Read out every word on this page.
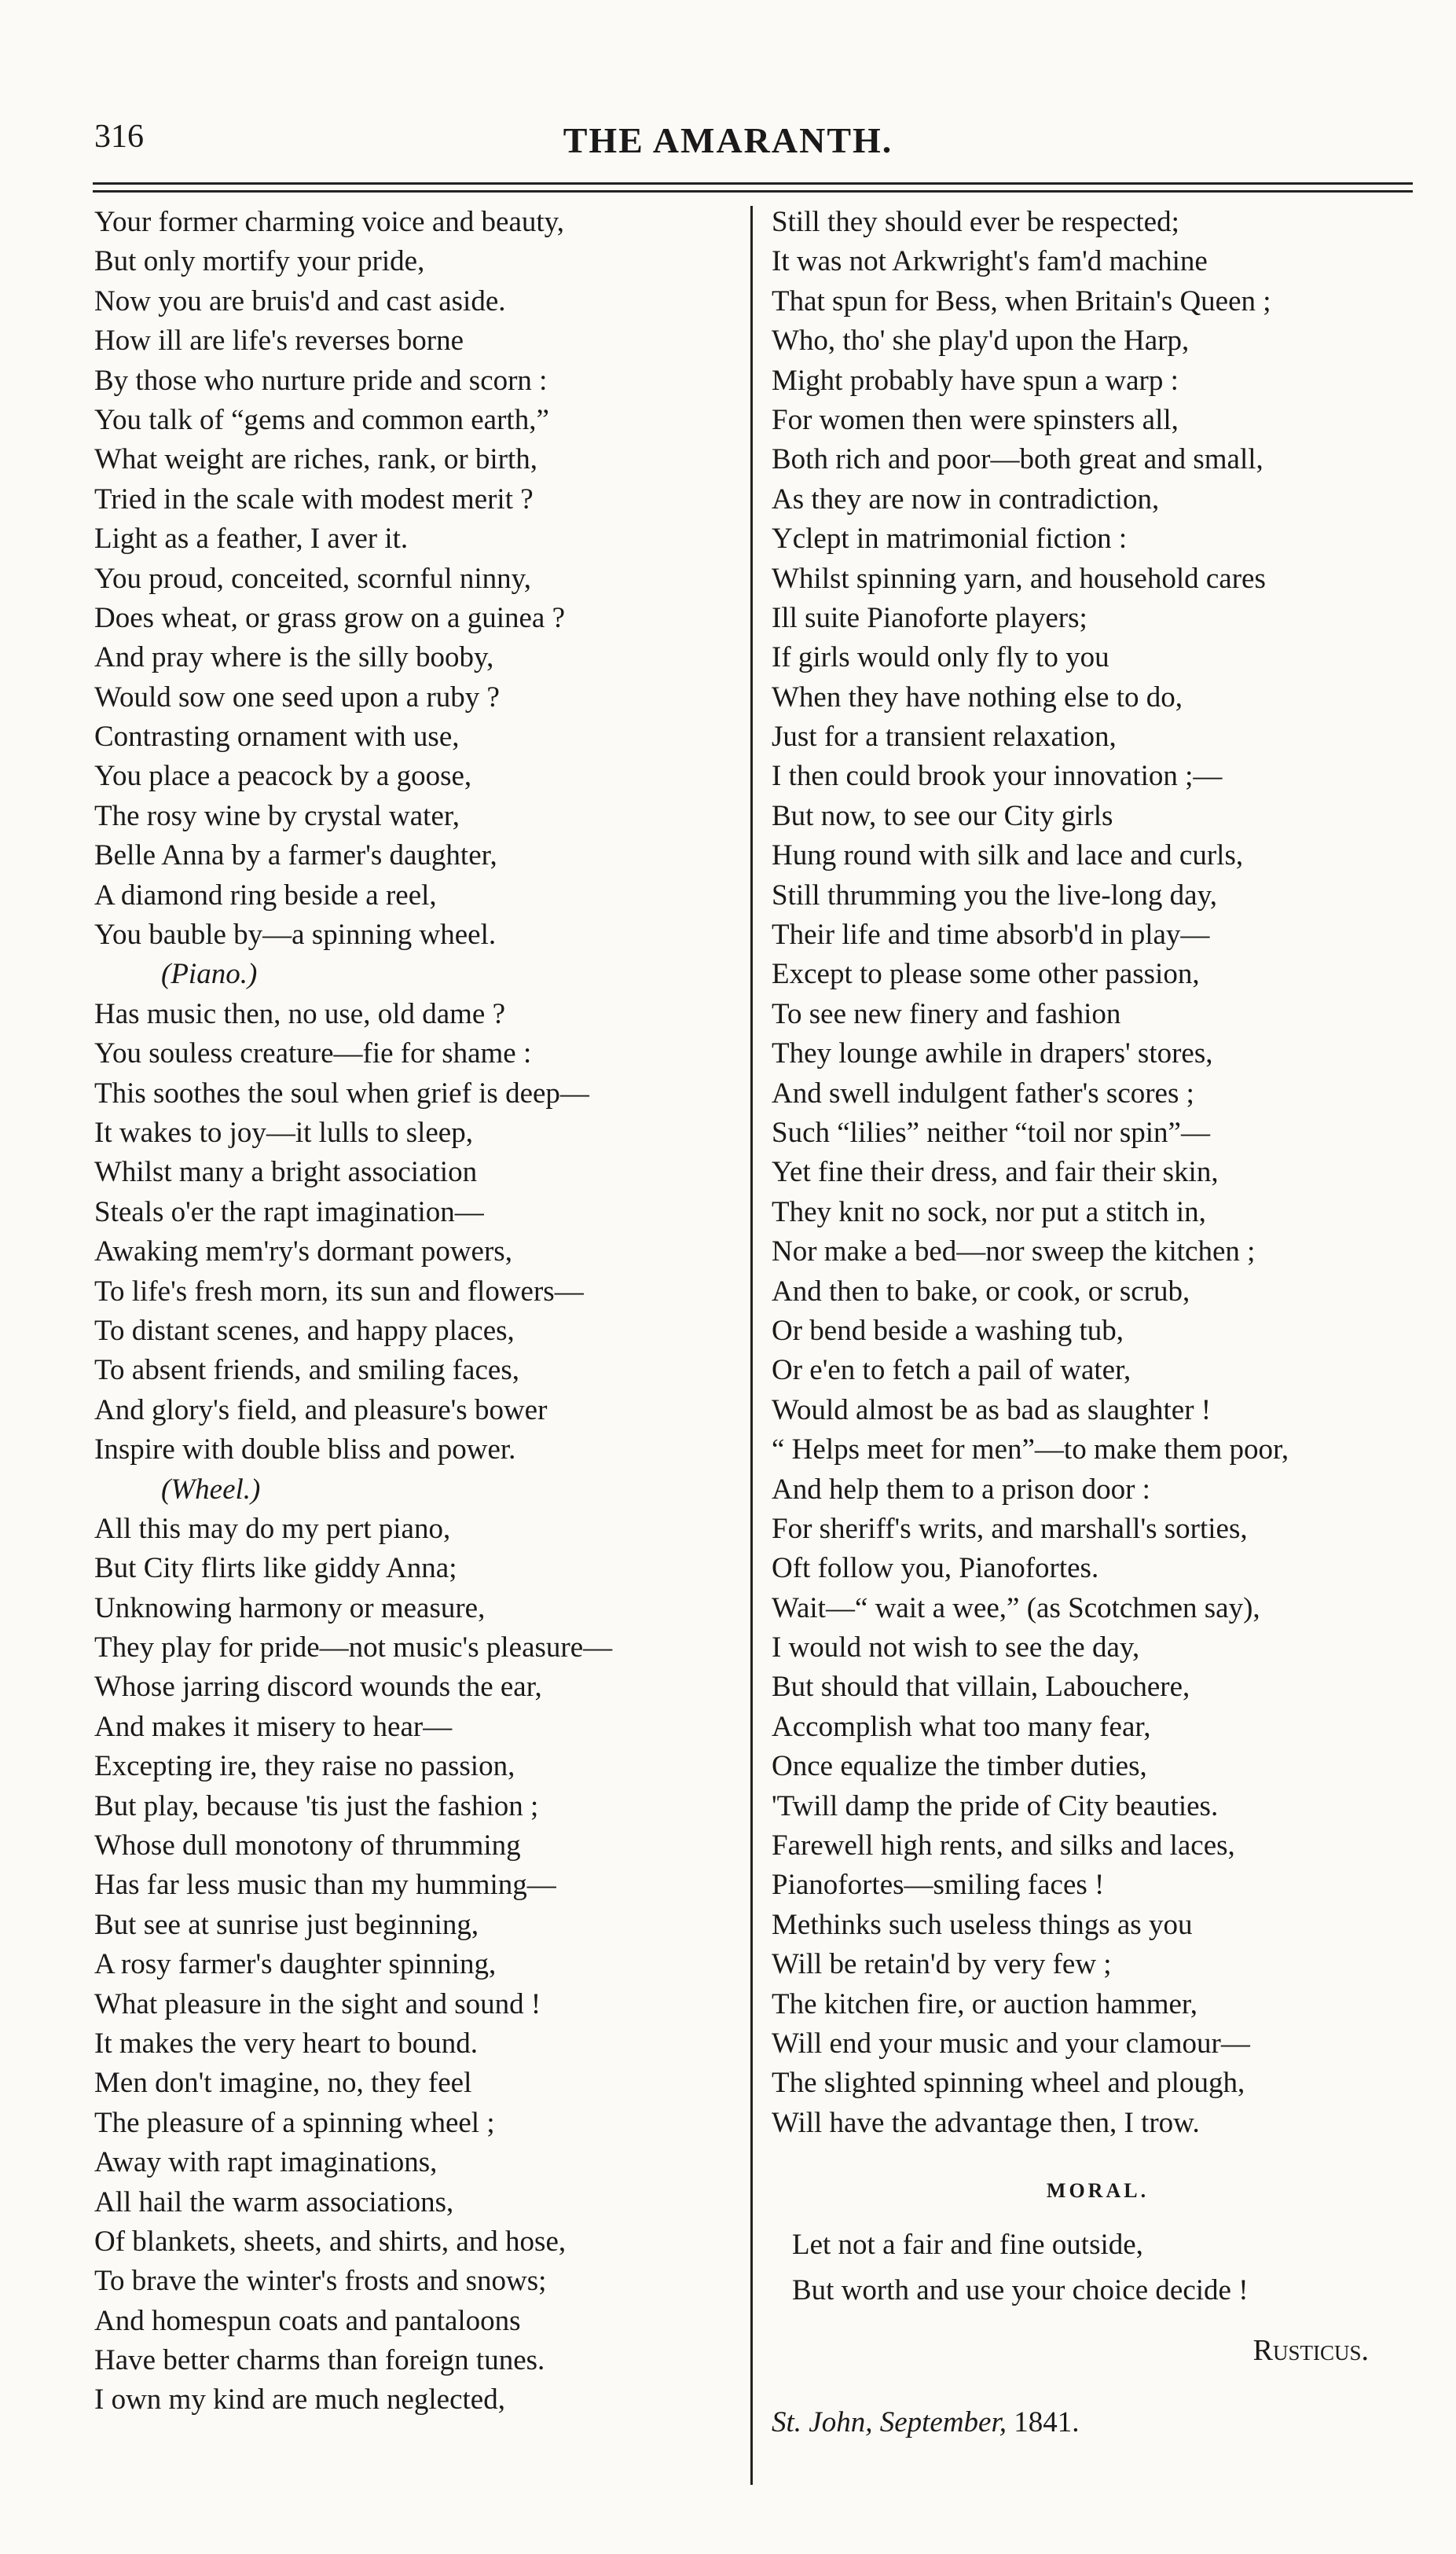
316	THE AMARANTH.
Your former charming voice and beauty,
But only mortify your pride,
Now you are bruis'd and cast aside.
How ill are life's reverses borne
By those who nurture pride and scorn :
You talk of “gems and common earth,”
What weight are riches, rank, or birth,
Tried in the scale with modest merit ?
Light as a feather, I aver it.
You proud, conceited, scornful ninny,
Does wheat, or grass grow on a guinea ?
And pray where is the silly booby,
Would sow one seed upon a ruby ?
Contrasting ornament with use,
You place a peacock by a goose,
The rosy wine by crystal water,
Belle Anna by a farmer's daughter,
A diamond ring beside a reel,
You bauble by—a spinning wheel.
(Piano.)
Has music then, no use, old dame ?
You souless creature—fie for shame :
This soothes the soul when grief is deep—
It wakes to joy—it lulls to sleep,
Whilst many a bright association
Steals o'er the rapt imagination—
Awaking mem'ry's dormant powers,
To life's fresh morn, its sun and flowers—
To distant scenes, and happy places,
To absent friends, and smiling faces,
And glory's field, and pleasure's bower
Inspire with double bliss and power.
(Wheel.)
All this may do my pert piano,
But City flirts like giddy Anna;
Unknowing harmony or measure,
They play for pride—not music's pleasure—
Whose jarring discord wounds the ear,
And makes it misery to hear—
Excepting ire, they raise no passion,
But play, because 'tis just the fashion ;
Whose dull monotony of thrumming
Has far less music than my humming—
But see at sunrise just beginning,
A rosy farmer's daughter spinning,
What pleasure in the sight and sound !
It makes the very heart to bound.
Men don't imagine, no, they feel
The pleasure of a spinning wheel ;
Away with rapt imaginations,
All hail the warm associations,
Of blankets, sheets, and shirts, and hose,
To brave the winter's frosts and snows;
And homespun coats and pantaloons
Have better charms than foreign tunes.
I own my kind are much neglected,
Still they should ever be respected;
It was not Arkwright's fam'd machine
That spun for Bess, when Britain's Queen ;
Who, tho' she play'd upon the Harp,
Might probably have spun a warp :
For women then were spinsters all,
Both rich and poor—both great and small,
As they are now in contradiction,
Yclept in matrimonial fiction :
Whilst spinning yarn, and household cares
Ill suite Pianoforte players;
If girls would only fly to you
When they have nothing else to do,
Just for a transient relaxation,
I then could brook your innovation ;—
But now, to see our City girls
Hung round with silk and lace and curls,
Still thrumming you the live-long day,
Their life and time absorb'd in play—
Except to please some other passion,
To see new finery and fashion
They lounge awhile in drapers' stores,
And swell indulgent father's scores ;
Such “lilies” neither “toil nor spin”—
Yet fine their dress, and fair their skin,
They knit no sock, nor put a stitch in,
Nor make a bed—nor sweep the kitchen ;
And then to bake, or cook, or scrub,
Or bend beside a washing tub,
Or e'en to fetch a pail of water,
Would almost be as bad as slaughter !
“ Helps meet for men”—to make them poor,
And help them to a prison door :
For sheriff's writs, and marshall's sorties,
Oft follow you, Pianofortes.
Wait—“ wait a wee,” (as Scotchmen say),
I would not wish to see the day,
But should that villain, Labouchere,
Accomplish what too many fear,
Once equalize the timber duties,
'Twill damp the pride of City beauties.
Farewell high rents, and silks and laces,
Pianofortes—smiling faces !
Methinks such useless things as you
Will be retain'd by very few ;
The kitchen fire, or auction hammer,
Will end your music and your clamour—
The slighted spinning wheel and plough,
Will have the advantage then, I trow.
MORAL.
Let not a fair and fine outside,
But worth and use your choice decide !
Rusticus.
St. John, September, 1841.
